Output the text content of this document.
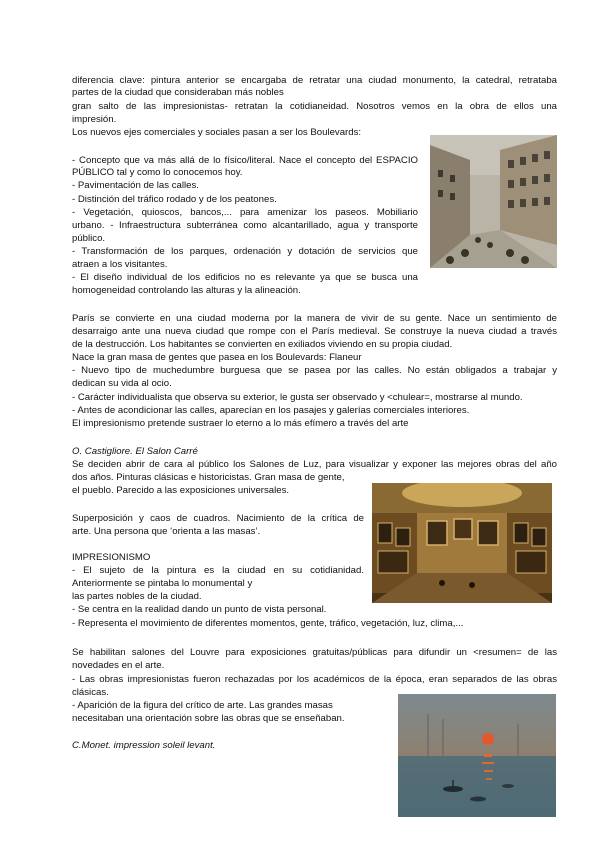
diferencia clave: pintura anterior se encargaba de retratar una ciudad monumento, la catedral, retrataba
partes de la ciudad que consideraban más nobles
gran salto de las impresionistas- retratan la cotidianeidad. Nosotros vemos en la obra de ellos una
impresión.
Los nuevos ejes comerciales y sociales pasan a ser los Boulevards:
- Concepto que va más allá de lo físico/literal. Nace el concepto del ESPACIO
PÚBLICO tal y como lo conocemos hoy.
- Pavimentación de las calles.
- Distinción del tráfico rodado y de los peatones.
- Vegetación, quioscos, bancos,... para amenizar los paseos. Mobiliario
urbano. - Infraestructura subterránea como alcantarillado, agua y transporte
público.
- Transformación de los parques, ordenación y dotación de servicios que
atraen a los visitantes.
- El diseño individual de los edificios no es relevante ya que se busca una
homogeneidad controlando las alturas y la alineación.
París se convierte en una ciudad moderna por la manera de vivir de su gente. Nace un sentimiento de
desarraigo ante una nueva ciudad que rompe con el París medieval. Se construye la nueva ciudad a través
de la destrucción. Los habitantes se convierten en exiliados viviendo en su propia ciudad.
Nace la gran masa de gentes que pasea en los Boulevards: Flaneur
- Nuevo tipo de muchedumbre burguesa que se pasea por las calles. No están obligados a trabajar y
dedican su vida al ocio.
- Carácter individualista que observa su exterior, le gusta ser observado y <chulear=, mostrarse al mundo.
- Antes de acondicionar las calles, aparecían en los pasajes y galerías comerciales interiores.
El impresionismo pretende sustraer lo eterno a lo más efímero a través del arte
O. Castigliore. El Salon Carré
Se deciden abrir de cara al público los Salones de Luz, para visualizar y exponer las mejores obras del año
dos años. Pinturas clásicas e historicistas. Gran masa de gente,
el pueblo. Parecido a las exposiciones universales.
Superposición y caos de cuadros. Nacimiento de la crítica de
arte. Una persona que ‘orienta a las masas’.
IMPRESIONISMO
- El sujeto de la pintura es la ciudad en su cotidianidad.
Anteriormente se pintaba lo monumental y
las partes nobles de la ciudad.
- Se centra en la realidad dando un punto de vista personal.
- Representa el movimiento de diferentes momentos, gente, tráfico, vegetación, luz, clima,...
Se habilitan salones del Louvre para exposiciones gratuitas/públicas para difundir un <resumen= de las
novedades en el arte.
- Las obras impresionistas fueron rechazadas por los académicos de la época, eran separados de las obras
clásicas.
- Aparición de la figura del crítico de arte. Las grandes masas
necesitaban una orientación sobre las obras que se enseñaban.
C.Monet. impression soleil levant.
